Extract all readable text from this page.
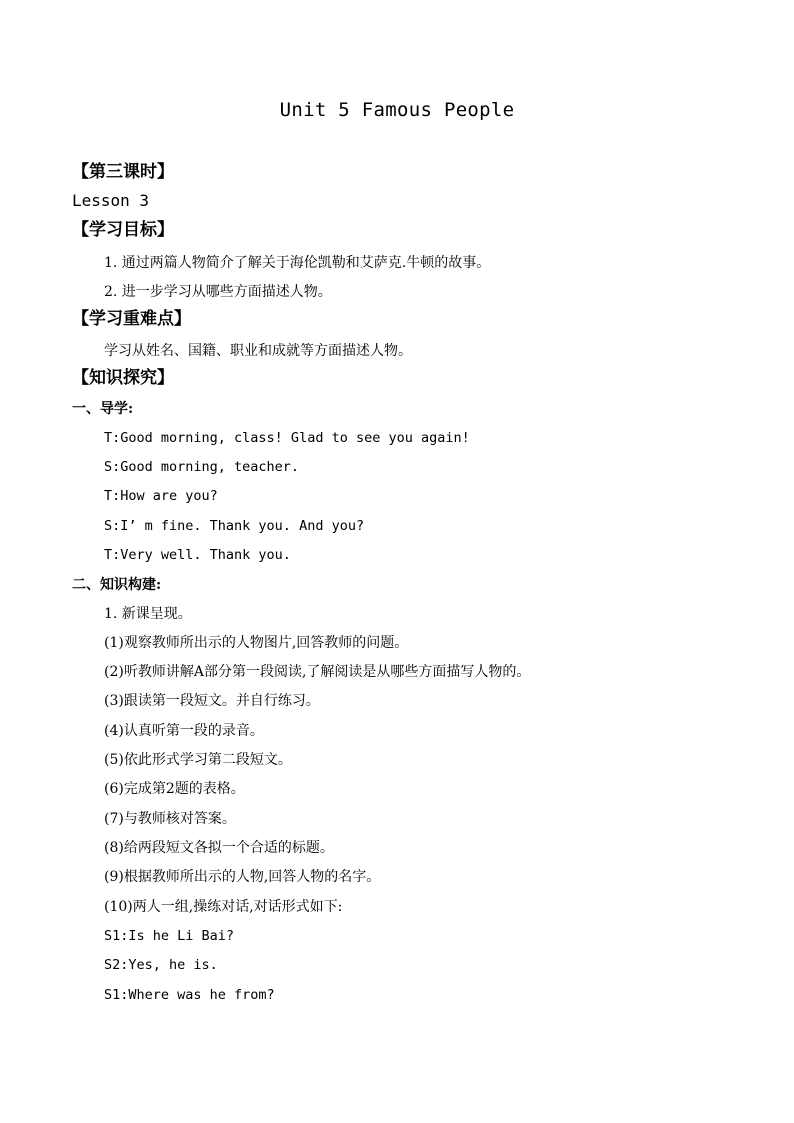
Unit 5 Famous People
【第三课时】
Lesson 3
【学习目标】
1. 通过两篇人物简介了解关于海伦凯勒和艾萨克.牛顿的故事。
2. 进一步学习从哪些方面描述人物。
【学习重难点】
学习从姓名、国籍、职业和成就等方面描述人物。
【知识探究】
一、导学:
T:Good morning, class! Glad to see you again!
S:Good morning, teacher.
T:How are you?
S:I’ m fine. Thank you. And you?
T:Very well. Thank you.
二、知识构建:
1. 新课呈现。
(1)观察教师所出示的人物图片,回答教师的问题。
(2)听教师讲解A部分第一段阅读,了解阅读是从哪些方面描写人物的。
(3)跟读第一段短文。并自行练习。
(4)认真听第一段的录音。
(5)依此形式学习第二段短文。
(6)完成第2题的表格。
(7)与教师核对答案。
(8)给两段短文各拟一个合适的标题。
(9)根据教师所出示的人物,回答人物的名字。
(10)两人一组,操练对话,对话形式如下:
S1:Is he Li Bai?
S2:Yes, he is.
S1:Where was he from?
